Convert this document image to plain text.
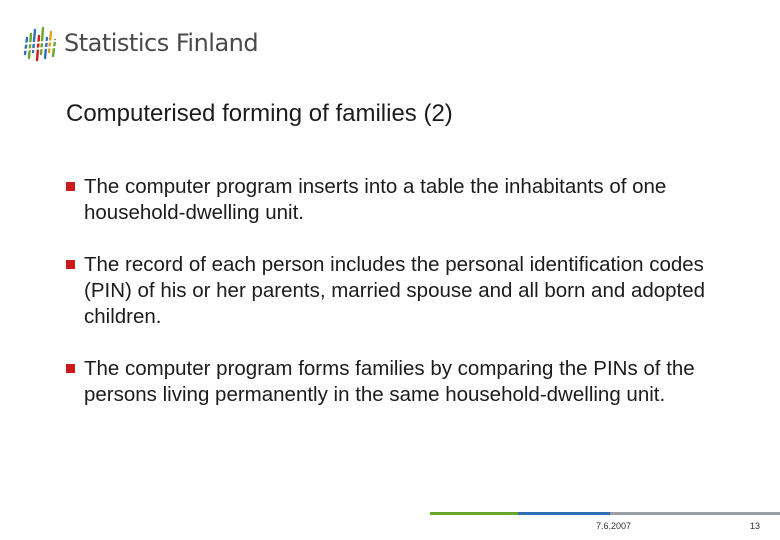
Statistics Finland
Computerised forming of families (2)
The computer program inserts into a table the inhabitants of one household-dwelling unit.
The record of each person includes the personal identification codes (PIN) of his or her parents, married spouse and all born and adopted children.
The computer program forms families by comparing the PINs of the persons living permanently in the same household-dwelling unit.
7.6.2007	13
